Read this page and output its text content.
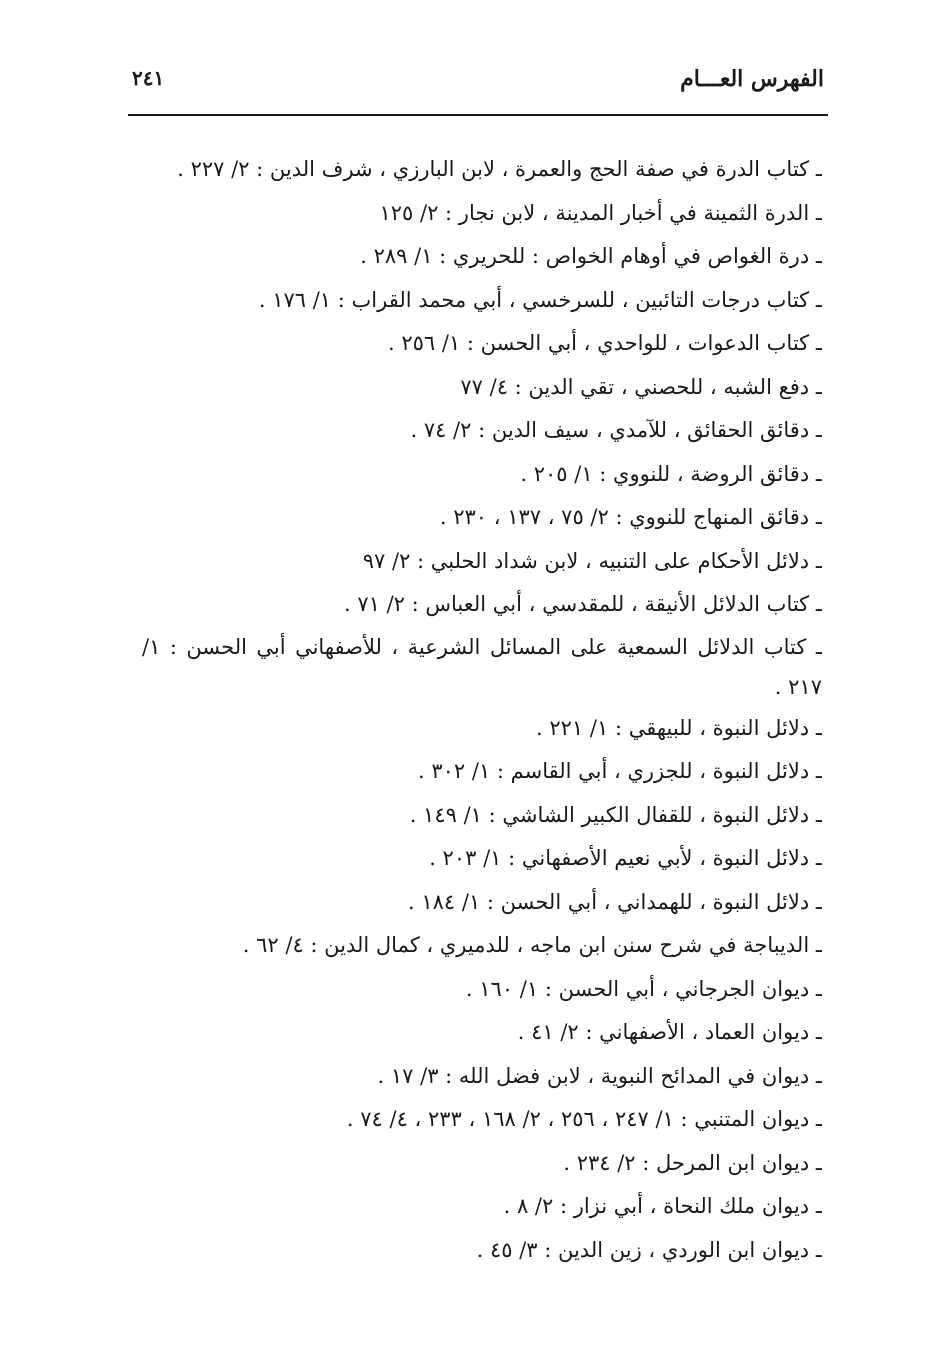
الفهرس العـــام
٢٤١
ـ كتاب الدرة في صفة الحج والعمرة ، لابن البارزي ، شرف الدين : ٢/ ٢٢٧ .
ـ الدرة الثمينة في أخبار المدينة ، لابن نجار : ٢/ ١٢٥
ـ درة الغواص في أوهام الخواص : للحريري : ١/ ٢٨٩ .
ـ كتاب درجات التائبين ، للسرخسي ، أبي محمد القراب : ١/ ١٧٦ .
ـ كتاب الدعوات ، للواحدي ، أبي الحسن : ١/ ٢٥٦ .
ـ دفع الشبه ، للحصني ، تقي الدين : ٤/ ٧٧
ـ دقائق الحقائق ، للآمدي ، سيف الدين : ٢/ ٧٤ .
ـ دقائق الروضة ، للنووي : ١/ ٢٠٥ .
ـ دقائق المنهاج للنووي : ٢/ ٧٥ ، ١٣٧ ، ٢٣٠ .
ـ دلائل الأحكام على التنبيه ، لابن شداد الحلبي : ٢/ ٩٧
ـ كتاب الدلائل الأنيقة ، للمقدسي ، أبي العباس : ٢/ ٧١ .
ـ كتاب الدلائل السمعية على المسائل الشرعية ، للأصفهاني أبي الحسن : ١/ ٢١٧ .
ـ دلائل النبوة ، للبيهقي : ١/ ٢٢١ .
ـ دلائل النبوة ، للجزري ، أبي القاسم : ١/ ٣٠٢ .
ـ دلائل النبوة ، للقفال الكبير الشاشي : ١/ ١٤٩ .
ـ دلائل النبوة ، لأبي نعيم الأصفهاني : ١/ ٢٠٣ .
ـ دلائل النبوة ، للهمداني ، أبي الحسن : ١/ ١٨٤ .
ـ الديباجة في شرح سنن ابن ماجه ، للدميري ، كمال الدين : ٤/ ٦٢ .
ـ ديوان الجرجاني ، أبي الحسن : ١/ ١٦٠ .
ـ ديوان العماد ، الأصفهاني : ٢/ ٤١ .
ـ ديوان في المدائح النبوية ، لابن فضل الله : ٣/ ١٧ .
ـ ديوان المتنبي : ١/ ٢٤٧ ، ٢٥٦ ، ٢/ ١٦٨ ، ٢٣٣ ، ٤/ ٧٤ .
ـ ديوان ابن المرحل : ٢/ ٢٣٤ .
ـ ديوان ملك النحاة ، أبي نزار : ٢/ ٨ .
ـ ديوان ابن الوردي ، زين الدين : ٣/ ٤٥ .
